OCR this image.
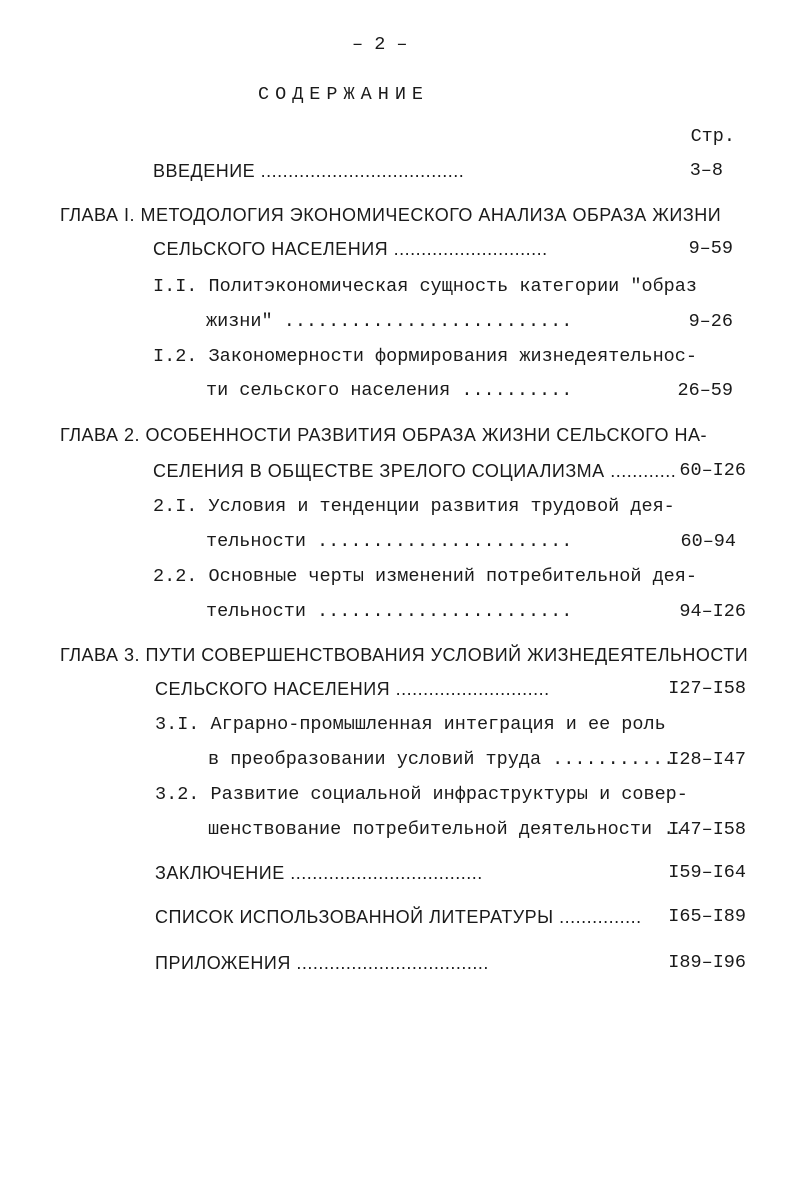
– 2 –
СОДЕРЖАНИЕ
Стр.
ВВЕДЕНИЕ .....................................	3–8
ГЛАВА I. МЕТОДОЛОГИЯ ЭКОНОМИЧЕСКОГО АНАЛИЗА ОБРАЗА ЖИЗНИ
СЕЛЬСКОГО НАСЕЛЕНИЯ ............................	9–59
I.I. Политэкономическая сущность категории "образ
жизни" ..........................	9–26
I.2. Закономерности формирования жизнедеятельнос-
ти сельского населения ..........	26–59
ГЛАВА 2. ОСОБЕННОСТИ РАЗВИТИЯ ОБРАЗА ЖИЗНИ СЕЛЬСКОГО НА-
СЕЛЕНИЯ В ОБЩЕСТВЕ ЗРЕЛОГО СОЦИАЛИЗМА ............ 60–I26
2.I. Условия и тенденции развития трудовой дея-
тельности .......................	60–94
2.2. Основные черты изменений потребительной дея-
тельности .......................	94–I26
ГЛАВА 3. ПУТИ СОВЕРШЕНСТВОВАНИЯ УСЛОВИЙ ЖИЗНЕДЕЯТЕЛЬНОСТИ
СЕЛЬСКОГО НАСЕЛЕНИЯ ............................	I27–I58
3.I. Аграрно-промышленная интеграция и ее роль
в преобразовании условий труда ...........
I28–I47
3.2. Развитие социальной инфраструктуры и совер-
шенствование потребительной деятельности ..
I47–I58
ЗАКЛЮЧЕНИЕ ...................................	I59–I64
СПИСОК ИСПОЛЬЗОВАННОЙ ЛИТЕРАТУРЫ ............... I65–I89
ПРИЛОЖЕНИЯ ...................................	I89–I96
